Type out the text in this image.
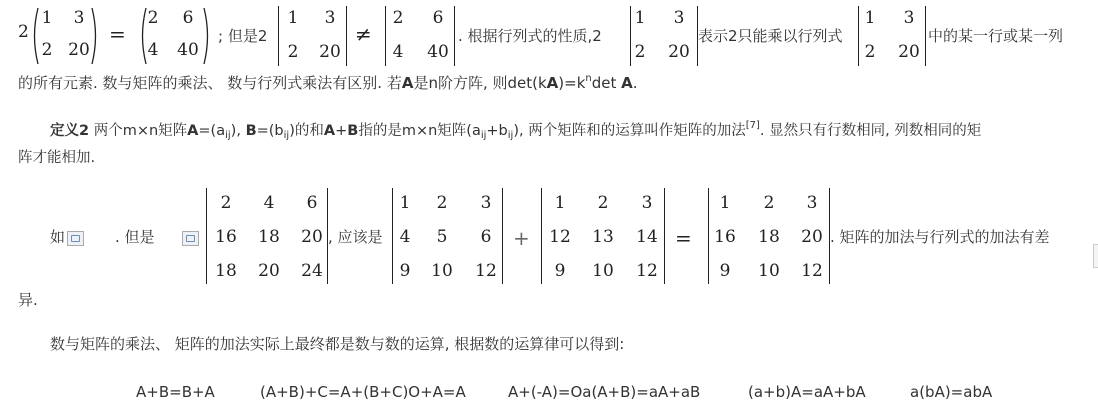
2
1	3
2 20
=
2	6
4	40
; 但是2
1	3
2	20
≠
2	6
4	40
. 根据行列式的性质,2
1	3
2	20
表示2只能乘以行列式
1	3
2	20
中的某一行或某一列
的所有元素. 数与矩阵的乘法、 数与行列式乘法有区别. 若A是n阶方阵, 则$\det(kA)=k^n\det$ A.
定义2 两个m×n矩阵$A=(a_{ij})$, $B=(b_{ij})$的和A+B指的是m×n矩阵$(a_{ij}+b_{ij})$, 两个矩阵和的运算叫作矩阵的加法[7]. 显然只有行数相同, 列数相同的矩
阵才能相加.
如
	. 但是
2	4	6
16	18	20
18	20	24
, 应该是
1	2	3
4	5	6
9	10	12
+
1	2	3
12	13	14
9	10	12
=
1	2	3
16	18	20
9	10	12
. 矩阵的加法与行列式的加法有差
异.
数与矩阵的乘法、 矩阵的加法实际上最终都是数与数的运算, 根据数的运算律可以得到:
A+B=B+A	(A+B)+C=A+(B+C)O+A=A	A+(-A)=Oa(A+B)=aA+aB	(a+b)A=aA+bA	a(bA)=abA
